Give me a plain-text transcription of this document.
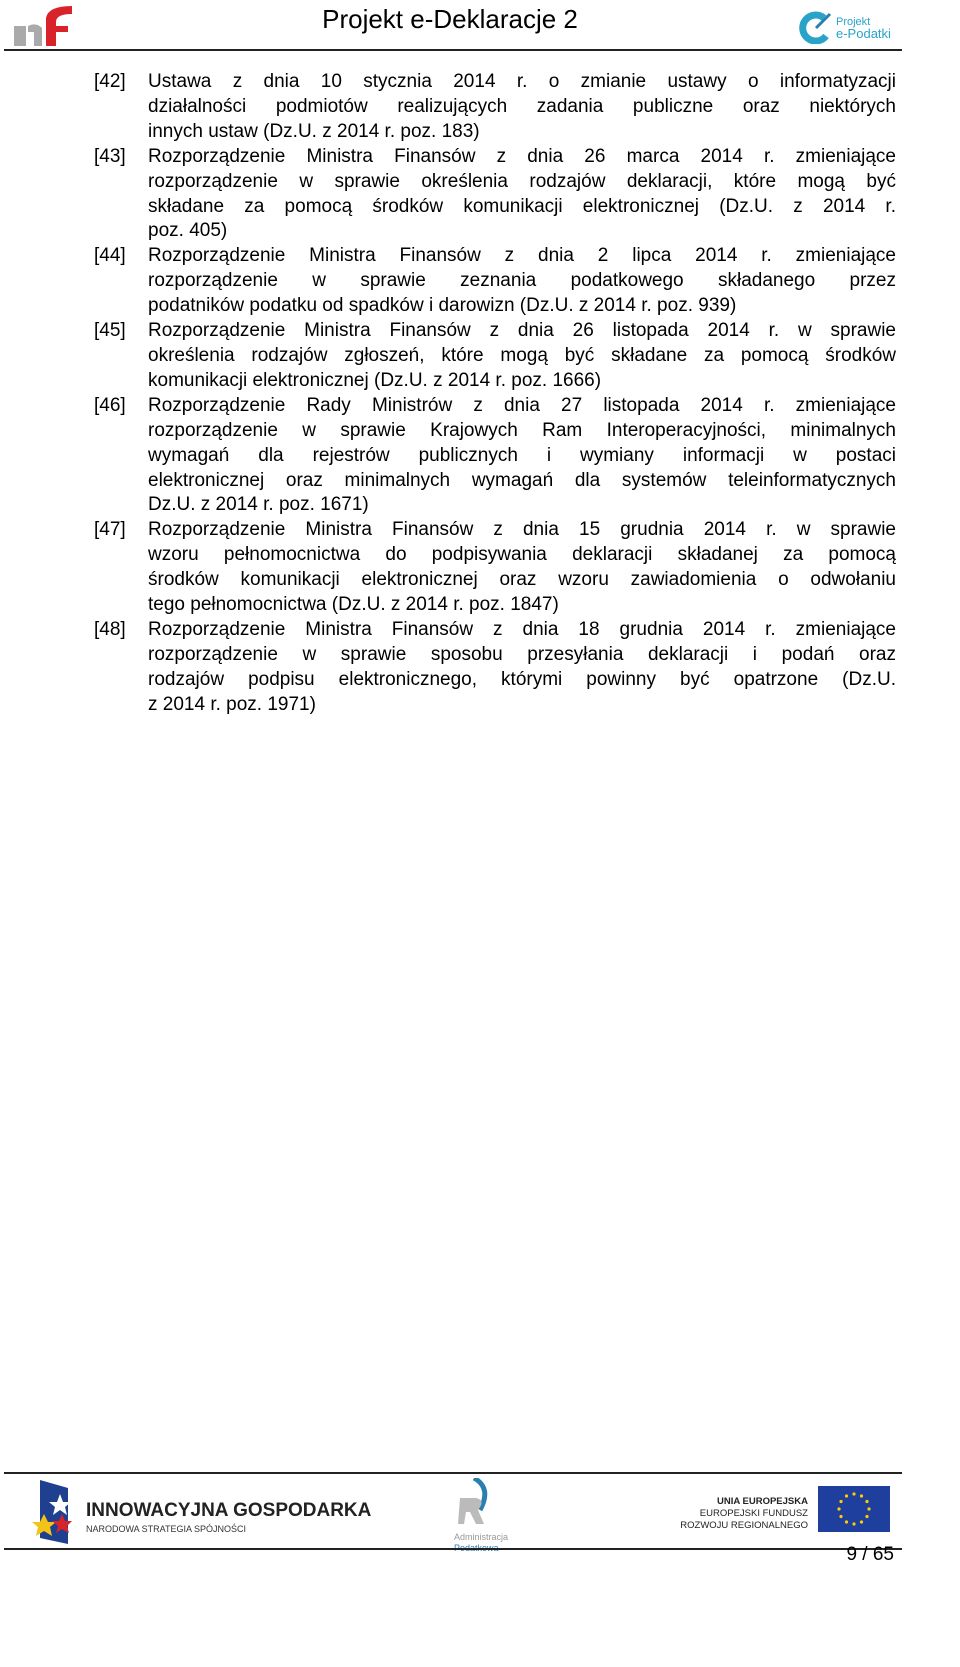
Projekt e-Deklaracje 2	Projekt
e-Podatki
[42] Ustawa z dnia 10 stycznia 2014 r. o zmianie ustawy o informatyzacji
działalności podmiotów realizujących zadania publiczne oraz niektórych
innych ustaw (Dz.U. z 2014 r. poz. 183)
[43] Rozporządzenie Ministra Finansów z dnia 26 marca 2014 r. zmieniające
rozporządzenie w sprawie określenia rodzajów deklaracji, które mogą być
składane za pomocą środków komunikacji elektronicznej (Dz.U. z 2014 r.
poz. 405)
[44] Rozporządzenie Ministra Finansów z dnia 2 lipca 2014 r. zmieniające
rozporządzenie w sprawie zeznania podatkowego składanego przez
podatników podatku od spadków i darowizn (Dz.U. z 2014 r. poz. 939)
[45] Rozporządzenie Ministra Finansów z dnia 26 listopada 2014 r. w sprawie
określenia rodzajów zgłoszeń, które mogą być składane za pomocą środków
komunikacji elektronicznej (Dz.U. z 2014 r. poz. 1666)
[46] Rozporządzenie Rady Ministrów z dnia 27 listopada 2014 r. zmieniające
rozporządzenie w sprawie Krajowych Ram Interoperacyjności, minimalnych
wymagań dla rejestrów publicznych i wymiany informacji w postaci
elektronicznej oraz minimalnych wymagań dla systemów teleinformatycznych
Dz.U. z 2014 r. poz. 1671)
[47] Rozporządzenie Ministra Finansów z dnia 15 grudnia 2014 r. w sprawie
wzoru pełnomocnictwa do podpisywania deklaracji składanej za pomocą
środków komunikacji elektronicznej oraz wzoru zawiadomienia o odwołaniu
tego pełnomocnictwa (Dz.U. z 2014 r. poz. 1847)
[48] Rozporządzenie Ministra Finansów z dnia 18 grudnia 2014 r. zmieniające
rozporządzenie w sprawie sposobu przesyłania deklaracji i podań oraz
rodzajów podpisu elektronicznego, którymi powinny być opatrzone (Dz.U.
z 2014 r. poz. 1971)
INNOWACYJNA GOSPODARKA
NARODOWA STRATEGIA SPÓJNOŚCI
Administracja
UNIA EUROPEJSKA
EUROPEJSKI FUNDUSZ
ROZWOJU REGIONALNEGO
9 / 65
